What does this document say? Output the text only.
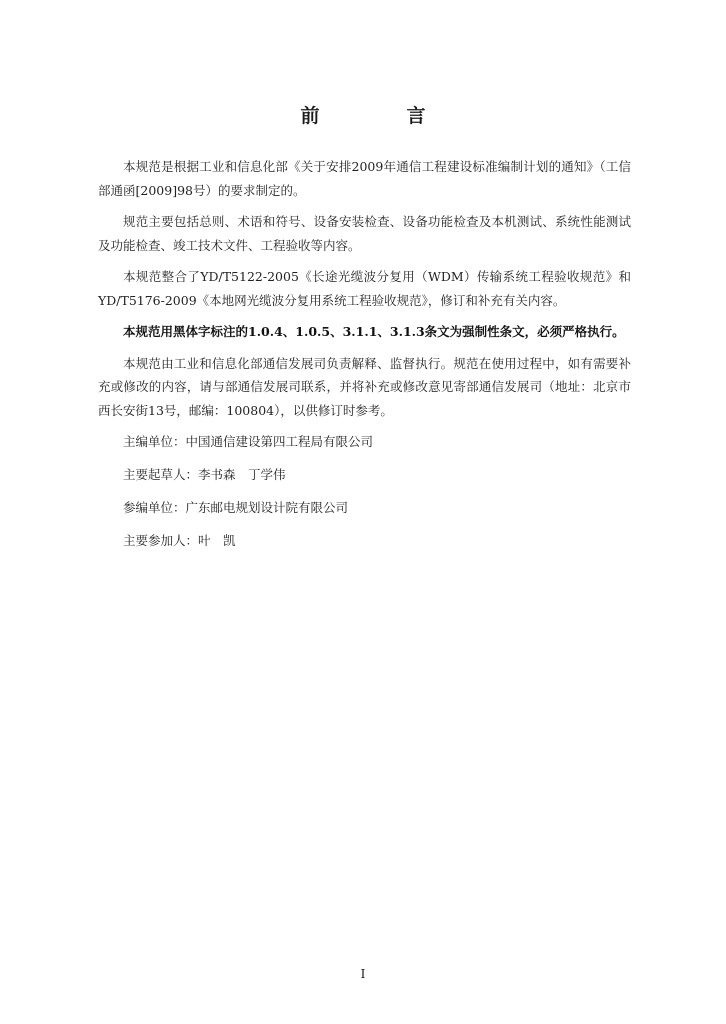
前　言

本规范是根据工业和信息化部《关于安排2009年通信工程建设标准编制计划的通知》（工信部通函[2009]98号）的要求制定的。

规范主要包括总则、术语和符号、设备安装检查、设备功能检查及本机测试、系统性能测试及功能检查、竣工技术文件、工程验收等内容。

本规范整合了YD/T5122-2005《长途光缆波分复用（WDM）传输系统工程验收规范》和YD/T5176-2009《本地网光缆波分复用系统工程验收规范》，修订和补充有关内容。

本规范用黑体字标注的1.0.4、1.0.5、3.1.1、3.1.3条文为强制性条文，必须严格执行。

本规范由工业和信息化部通信发展司负责解释、监督执行。规范在使用过程中，如有需要补充或修改的内容，请与部通信发展司联系，并将补充或修改意见寄部通信发展司（地址：北京市西长安街13号，邮编：100804），以供修订时参考。

主编单位：中国通信建设第四工程局有限公司

主要起草人：李书森　丁学伟

参编单位：广东邮电规划设计院有限公司

主要参加人：叶　凯

I
